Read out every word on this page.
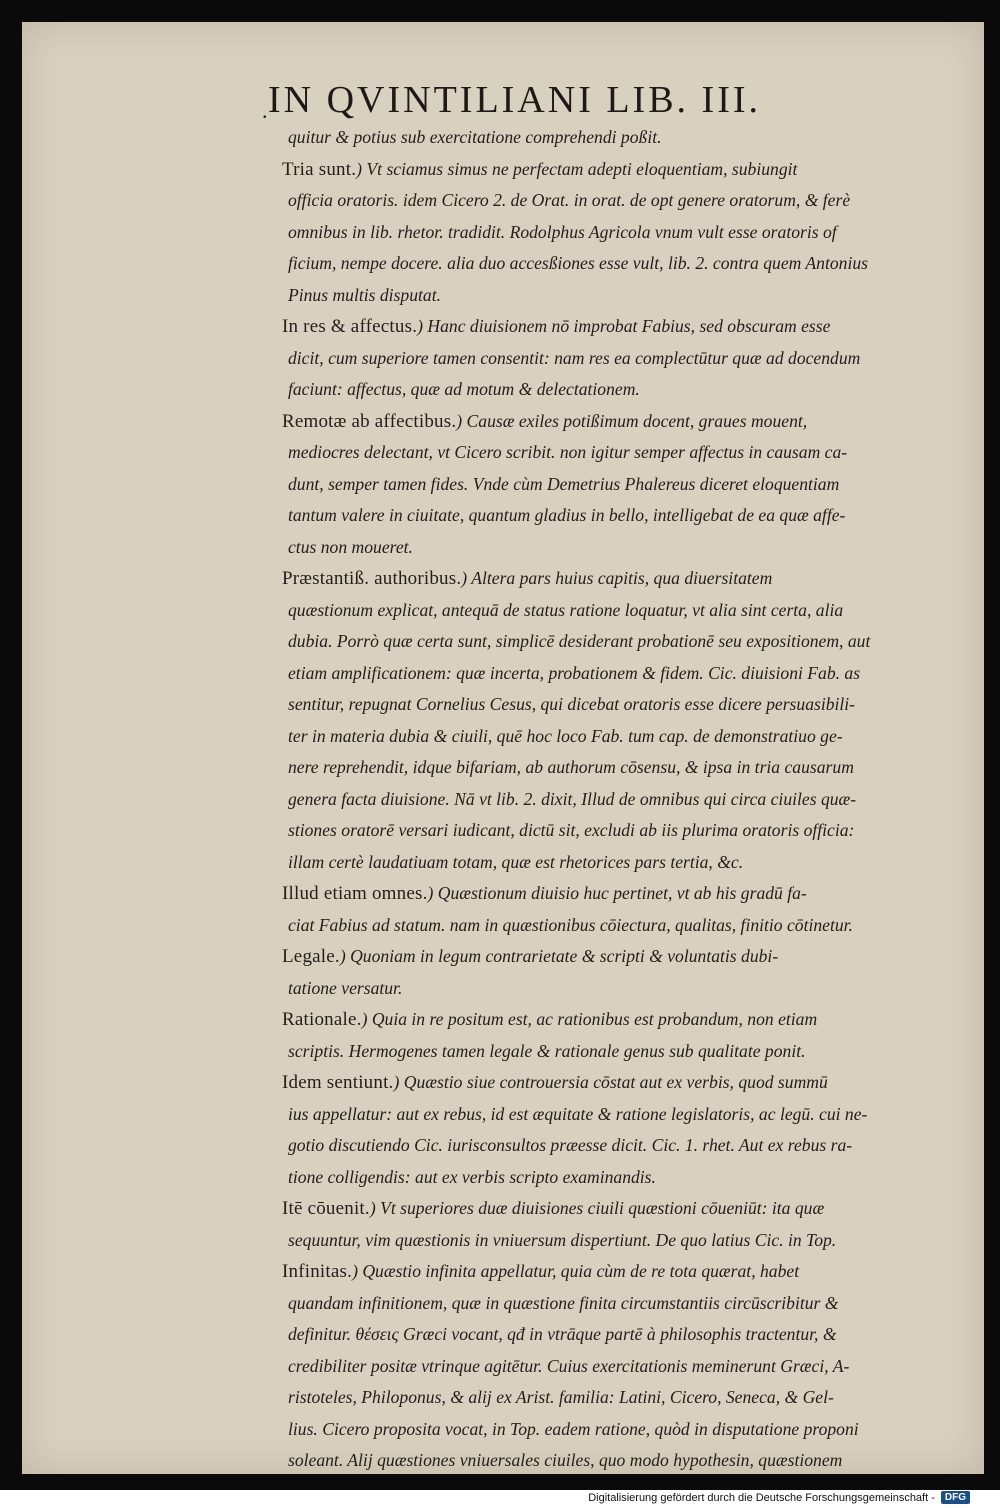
. IN QVINTILIANI LIB. III.
quitur & potius sub exercitatione comprehendi poßit.
Tria sunt.) Vt sciamus simus ne perfectam adepti eloquentiam, subiungit
officia oratoris. idem Cicero 2. de Orat. in orat. de opt genere oratorum, & ferè
omnibus in lib. rhetor. tradidit. Rodolphus Agricola vnum vult esse oratoris of
ficium, nempe docere. alia duo accesßiones esse vult, lib. 2. contra quem Antonius
Pinus multis disputat.
In res & affectus.) Hanc diuisionem nō improbat Fabius, sed obscuram esse
dicit, cum superiore tamen consentit: nam res ea complectūtur quæ ad docendum
faciunt: affectus, quæ ad motum & delectationem.
Remotæ ab affectibus.) Causæ exiles potißimum docent, graues mouent,
mediocres delectant, vt Cicero scribit. non igitur semper affectus in causam ca-
dunt, semper tamen fides. Vnde cùm Demetrius Phalereus diceret eloquentiam
tantum valere in ciuitate, quantum gladius in bello, intelligebat de ea quæ affe-
ctus non moueret.
Præstantiß. authoribus.) Altera pars huius capitis, qua diuersitatem
quæstionum explicat, antequā de status ratione loquatur, vt alia sint certa, alia
dubia. Porrò quæ certa sunt, simplicē desiderant probationē seu expositionem, aut
etiam amplificationem: quæ incerta, probationem & fidem. Cic. diuisioni Fab. as
sentitur, repugnat Cornelius Cesus, qui dicebat oratoris esse dicere persuasibili-
ter in materia dubia & ciuili, quē hoc loco Fab. tum cap. de demonstratiuo ge-
nere reprehendit, idque bifariam, ab authorum cōsensu, & ipsa in tria causarum
genera facta diuisione. Nā vt lib. 2. dixit, Illud de omnibus qui circa ciuiles quæ-
stiones oratorē versari iudicant, dictū sit, excludi ab iis plurima oratoris officia:
illam certè laudatiuam totam, quæ est rhetorices pars tertia, &c.
Illud etiam omnes.) Quæstionum diuisio huc pertinet, vt ab his gradū fa-
ciat Fabius ad statum. nam in quæstionibus cōiectura, qualitas, finitio cōtinetur.
Legale.) Quoniam in legum contrarietate & scripti & voluntatis dubi-
tatione versatur.
Rationale.) Quia in re positum est, ac rationibus est probandum, non etiam
scriptis. Hermogenes tamen legale & rationale genus sub qualitate ponit.
Idem sentiunt.) Quæstio siue controuersia cōstat aut ex verbis, quod summū
ius appellatur: aut ex rebus, id est æquitate & ratione legislatoris, ac legū. cui ne-
gotio discutiendo Cic. iurisconsultos præesse dicit. Cic. 1. rhet. Aut ex rebus ra-
tione colligendis: aut ex verbis scripto examinandis.
Itē cōuenit.) Vt superiores duæ diuisiones ciuili quæstioni cōueniūt: ita quæ
sequuntur, vim quæstionis in vniuersum dispertiunt. De quo latius Cic. in Top.
Infinitas.) Quæstio infinita appellatur, quia cùm de re tota quærat, habet
quandam infinitionem, quæ in quæstione finita circumstantiis circūscribitur &
definitur. θέσεις Græci vocant, qđ in vtrāque partē à philosophis tractentur, &
credibiliter positæ vtrinque agitētur. Cuius exercitationis meminerunt Græci, A-
ristoteles, Philoponus, & alij ex Arist. familia: Latini, Cicero, Seneca, & Gel-
lius. Cicero proposita vocat, in Top. eadem ratione, quòd in disputatione proponi
soleant. Alij quæstiones vniuersales ciuiles, quo modo hypothesin, quæstionem
Digitalisierung gefördert durch die Deutsche Forschungsgemeinschaft -	DFG
